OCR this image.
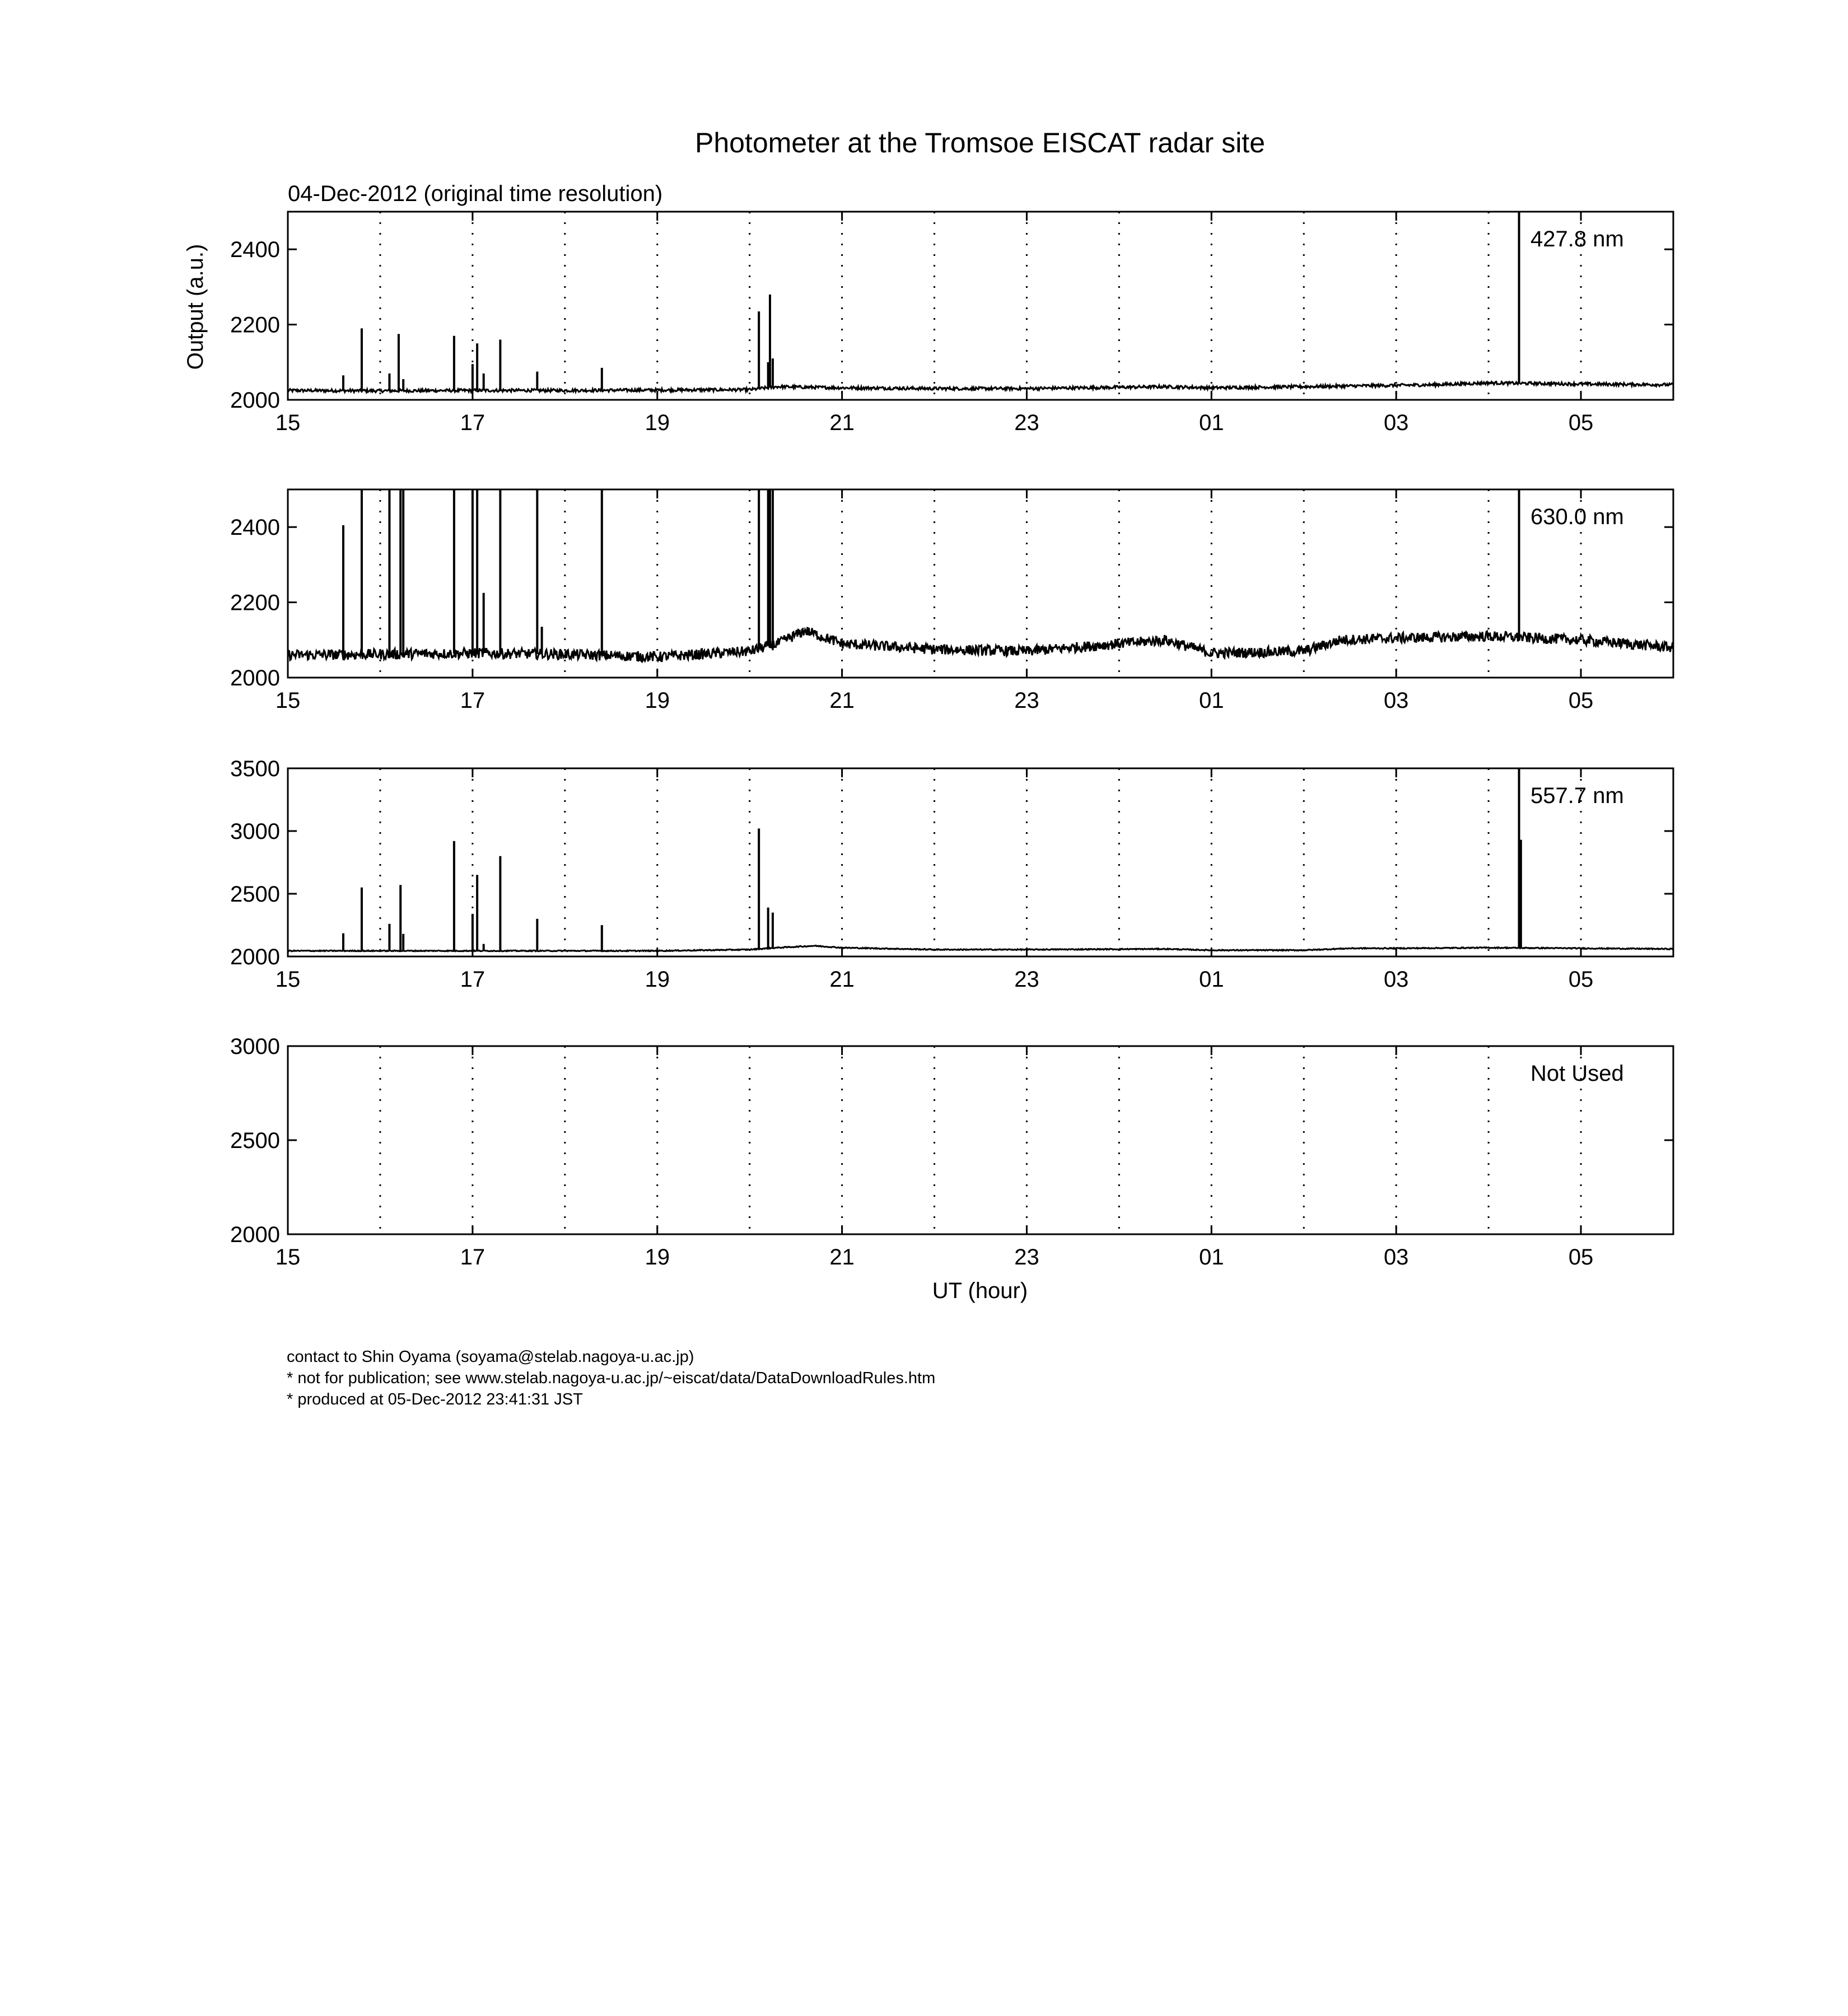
Photometer at the Tromsoe EISCAT radar site
04-Dec-2012 (original time resolution)
Output (a.u.)
UT (hour)
15	17	19	21	23	01	03	05
2000
2200
2400	427.8 nm
15	17	19	21	23	01	03	05
2000
2200
2400	630.0 nm
15	17	19	21	23	01	03	05
2000
2500
3000
3500
557.7 nm
15	17	19	21	23	01	03	05
2000
2500
3000
Not Used
contact to Shin Oyama (soyama@stelab.nagoya-u.ac.jp)
* not for publication; see www.stelab.nagoya-u.ac.jp/~eiscat/data/DataDownloadRules.htm
* produced at 05-Dec-2012 23:41:31 JST
